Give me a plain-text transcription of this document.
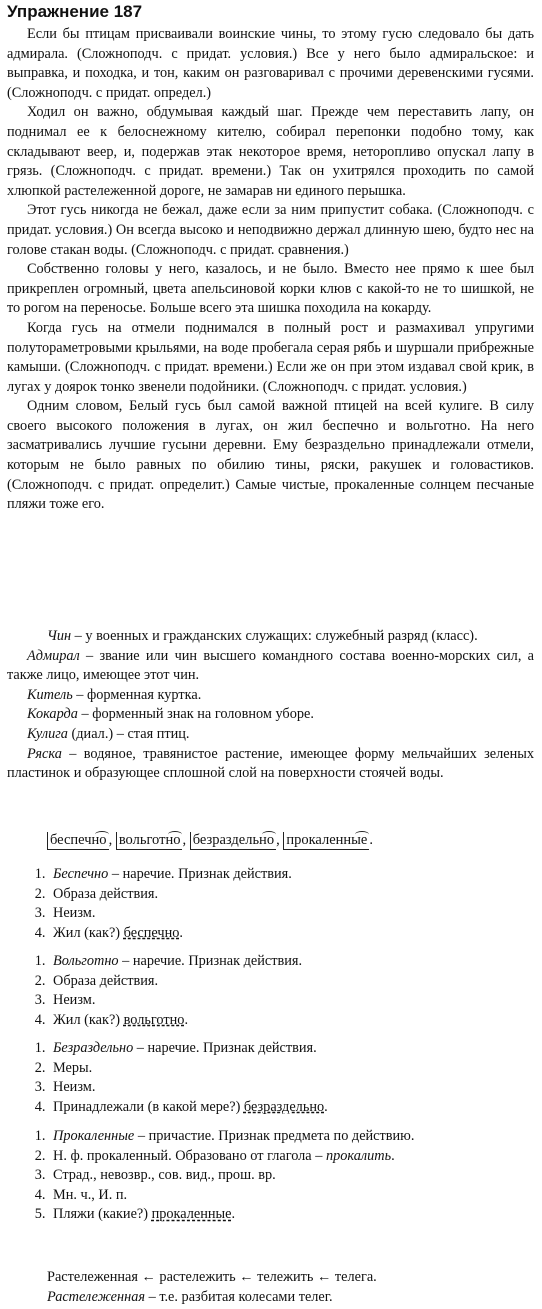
Упражнение 187

Если бы птицам присваивали воинские чины, то этому гусю следовало бы дать адмирала. (Сложноподч. с придат. условия.) Все у него было адмиральское: и выправка, и походка, и тон, каким он разговаривал с прочими деревенскими гусями. (Сложноподч. с придат. определ.)

Ходил он важно, обдумывая каждый шаг. Прежде чем переставить лапу, он поднимал ее к белоснежному кителю, собирал перепонки подобно тому, как складывают веер, и, подержав этак некоторое время, неторопливо опускал лапу в грязь. (Сложноподч. с придат. времени.) Так он ухитрялся проходить по самой хлюпкой растележенной дороге, не замарав ни единого перышка.

Этот гусь никогда не бежал, даже если за ним припустит собака. (Сложноподч. с придат. условия.) Он всегда высоко и неподвижно держал длинную шею, будто нес на голове стакан воды. (Сложноподч. с придат. сравнения.)

Собственно головы у него, казалось, и не было. Вместо нее прямо к шее был прикреплен огромный, цвета апельсиновой корки клюв с какой-то не то шишкой, не то рогом на переносье. Больше всего эта шишка походила на кокарду.

Когда гусь на отмели поднимался в полный рост и размахивал упругими полутораметровыми крыльями, на воде пробегала серая рябь и шуршали прибрежные камыши. (Сложноподч. с придат. времени.) Если же он при этом издавал свой крик, в лугах у доярок тонко звенели подойники. (Сложноподч. с придат. условия.)

Одним словом, Белый гусь был самой важной птицей на всей кулиге. В силу своего высокого положения в лугах, он жил беспечно и вольготно. На него засматривались лучшие гусыни деревни. Ему безраздельно принадлежали отмели, которым не было равных по обилию тины, ряски, ракушек и головастиков. (Сложноподч. с придат. определит.) Самые чистые, прокаленные солнцем песчаные пляжи тоже его.

Чин – у военных и гражданских служащих: служебный разряд (класс).

Адмирал – звание или чин высшего командного состава военно-морских сил, а также лицо, имеющее этот чин.

Китель – форменная куртка.

Кокарда – форменный знак на головном уборе.

Кулига (диал.) – стая птиц.

Ряска – водяное, травянистое растение, имеющее форму мельчайших зеленых пластинок и образующее сплошной слой на поверхности стоячей воды.

беспечно , вольготно , безраздельно , прокаленные .
1. Беспечно – наречие. Признак действия.
2. Образа действия.
3. Неизм.
4. Жил (как?) беспечно.
1. Вольготно – наречие. Признак действия.
2. Образа действия.
3. Неизм.
4. Жил (как?) вольготно.
1. Безраздельно – наречие. Признак действия.
2. Меры.
3. Неизм.
4. Принадлежали (в какой мере?) безраздельно.
1. Прокаленные – причастие. Признак предмета по действию.
2. Н. ф. прокаленный. Образовано от глагола – прокалить.
3. Страд., невозвр., сов. вид., прош. вр.
4. Мн. ч., И. п.
5. Пляжи (какие?) прокаленные.
Растележенная ← растележить ← тележить ← телега.
Растележенная – т.е. разбитая колесами телег.
